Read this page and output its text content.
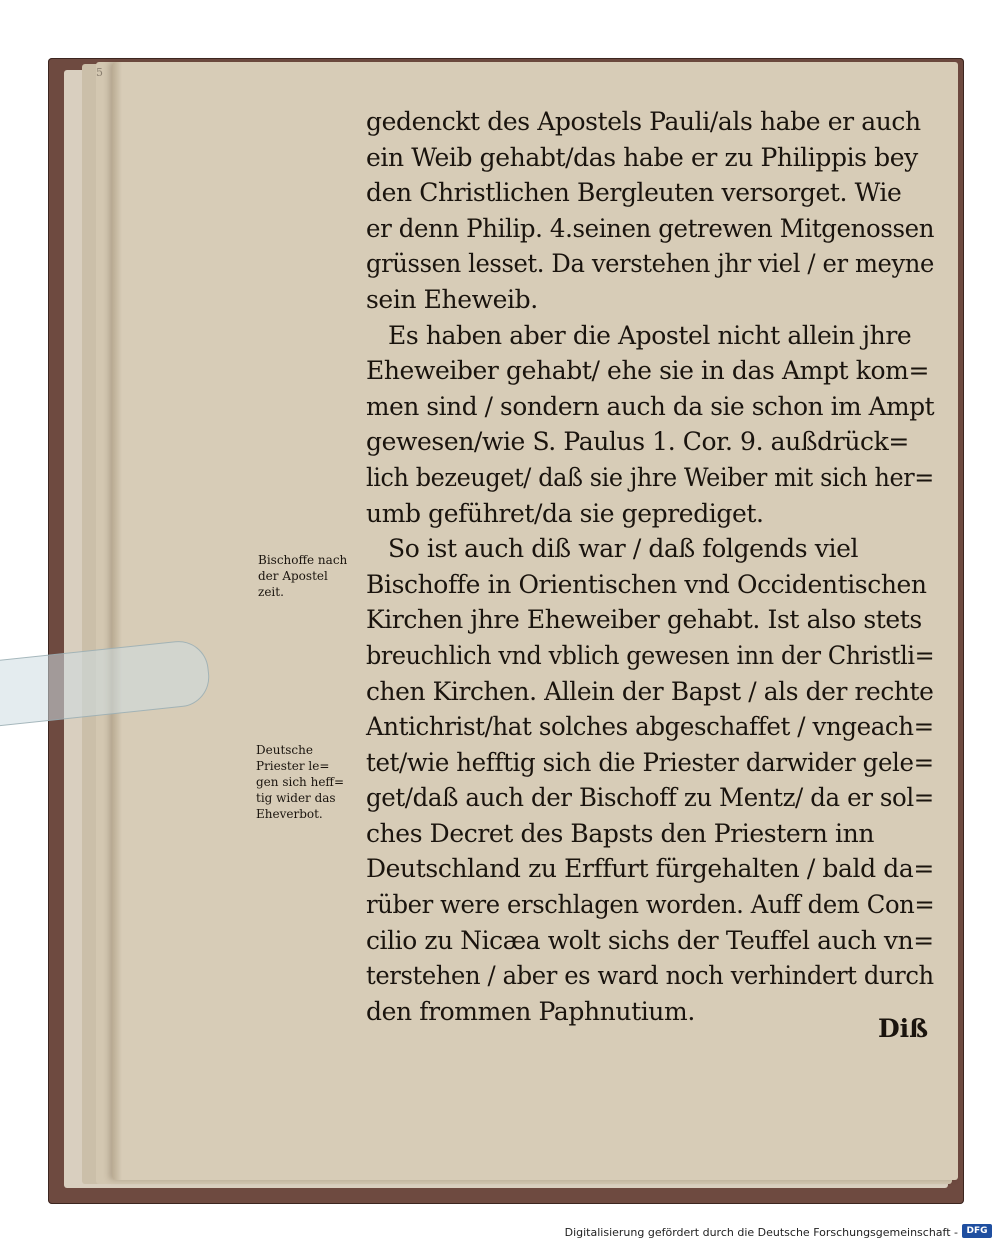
5
gedenckt des Apostels Pauli/als habe er auch
ein Weib gehabt/das habe er zu Philippis bey
den Christlichen Bergleuten versorget. Wie
er denn Philip. 4.seinen getrewen Mitgenossen
grüssen lesset. Da verstehen jhr viel / er meyne
sein Eheweib.
Es haben aber die Apostel nicht allein jhre
Eheweiber gehabt/ ehe sie in das Ampt kom=
men sind / sondern auch da sie schon im Ampt
gewesen/wie S. Paulus 1. Cor. 9. außdrück=
lich bezeuget/ daß sie jhre Weiber mit sich her=
umb geführet/da sie geprediget.
So ist auch diß war / daß folgends viel
Bischoffe in Orientischen vnd Occidentischen
Kirchen jhre Eheweiber gehabt. Ist also stets
breuchlich vnd vblich gewesen inn der Christli=
chen Kirchen. Allein der Bapst / als der rechte
Antichrist/hat solches abgeschaffet / vngeach=
tet/wie hefftig sich die Priester darwider gele=
get/daß auch der Bischoff zu Mentz/ da er sol=
ches Decret des Bapsts den Priestern inn
Deutschland zu Erffurt fürgehalten / bald da=
rüber were erschlagen worden. Auff dem Con=
cilio zu Nicæa wolt sichs der Teuffel auch vn=
terstehen / aber es ward noch verhindert durch
den frommen Paphnutium.
Bischoffe nach
der Apostel
zeit.
Deutsche
Priester le=
gen sich heff=
tig wider das
Eheverbot.
Diß
Digitalisierung gefördert durch die Deutsche Forschungsgemeinschaft - DFG
